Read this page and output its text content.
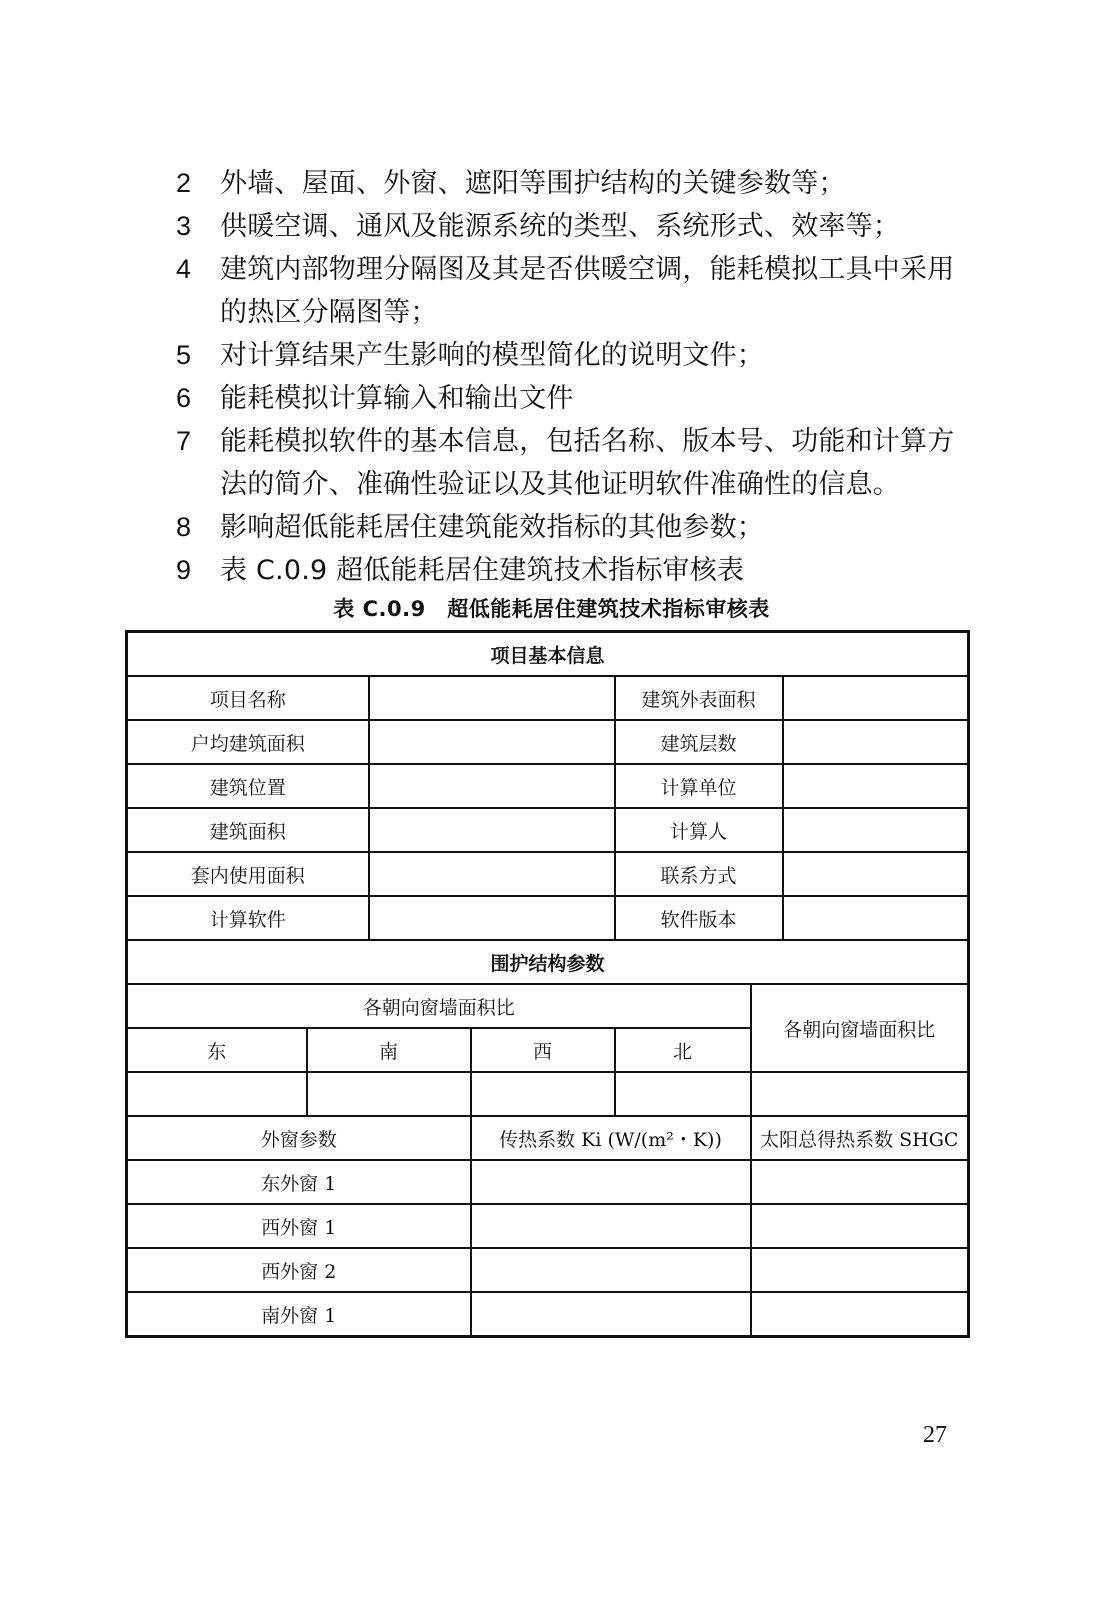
2	外墙、屋面、外窗、遮阳等围护结构的关键参数等；
3	供暖空调、通风及能源系统的类型、系统形式、效率等；
4	建筑内部物理分隔图及其是否供暖空调，能耗模拟工具中采用
的热区分隔图等；
5	对计算结果产生影响的模型简化的说明文件；
6	能耗模拟计算输入和输出文件
7	能耗模拟软件的基本信息，包括名称、版本号、功能和计算方
法的简介、准确性验证以及其他证明软件准确性的信息。
8	影响超低能耗居住建筑能效指标的其他参数；
9	表 C.0.9 超低能耗居住建筑技术指标审核表
表 C.0.9　超低能耗居住建筑技术指标审核表
项目基本信息						
项目名称				建筑外表面积		
户均建筑面积				建筑层数		
建筑位置				计算单位		
建筑面积				计算人		
套内使用面积				联系方式		
计算软件				软件版本		
围护结构参数						
各朝向窗墙面积比					各朝向窗墙面积比	
东	南		西	北		

外窗参数			传热系数 Ki (W/(m²・K))		太阳总得热系数 SHGC	
东外窗 1						
西外窗 1						
西外窗 2						
南外窗 1						
27
